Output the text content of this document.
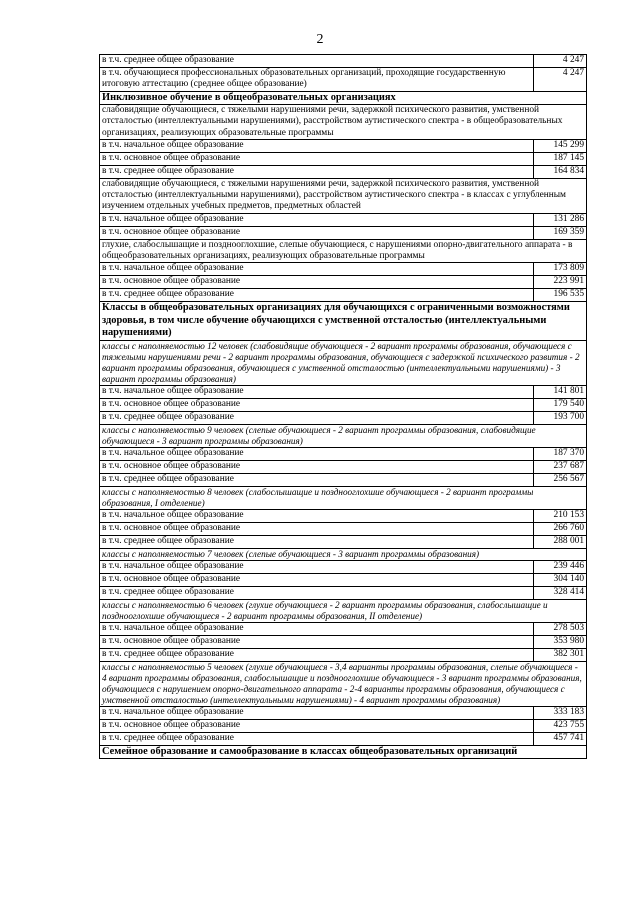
2
в т.ч. среднее общее образование	4 247
в т.ч. обучающиеся профессиональных образовательных организаций, проходящие государственную итоговую аттестацию (среднее общее образование)	4 247
Инклюзивное обучение в общеобразовательных организациях	
слабовидящие обучающиеся, с тяжелыми нарушениями речи, задержкой психического развития, умственной отсталостью (интеллектуальными нарушениями), расстройством аутистического спектра - в общеобразовательных организациях, реализующих образовательные программы	
в т.ч. начальное общее образование	145 299
в т.ч. основное общее образование	187 145
в т.ч. среднее общее образование	164 834
слабовидящие обучающиеся, с тяжелыми нарушениями речи, задержкой психического развития, умственной отсталостью (интеллектуальными нарушениями), расстройством аутистического спектра - в классах с углубленным изучением отдельных учебных предметов, предметных областей	
в т.ч. начальное общее образование	131 286
в т.ч. основное общее образование	169 359
глухие, слабослышащие и позднооглохшие, слепые обучающиеся, с нарушениями опорно-двигательного аппарата - в общеобразовательных организациях, реализующих образовательные программы	
в т.ч. начальное общее образование	173 809
в т.ч. основное общее образование	223 991
в т.ч. среднее общее образование	196 535
Классы в общеобразовательных организациях для обучающихся с ограниченными возможностями здоровья, в том числе обучение обучающихся с умственной отсталостью (интеллектуальными нарушениями)	
классы с наполняемостью 12 человек (слабовидящие обучающиеся - 2 вариант программы образования, обучающиеся с тяжелыми нарушениями речи - 2 вариант программы образования, обучающиеся с задержкой психического развития - 2 вариант программы образования, обучающиеся с умственной отсталостью (интеллектуальными нарушениями) - 3 вариант программы образования)	
в т.ч. начальное общее образование	141 801
в т.ч. основное общее образование	179 540
в т.ч. среднее общее образование	193 700
классы с наполняемостью 9 человек (слепые обучающиеся - 2 вариант программы образования, слабовидящие обучающиеся - 3 вариант программы образования)	
в т.ч. начальное общее образование	187 370
в т.ч. основное общее образование	237 687
в т.ч. среднее общее образование	256 567
классы с наполняемостью 8 человек (слабослышащие и позднооглохшие обучающиеся - 2 вариант программы образования, I отделение)	
в т.ч. начальное общее образование	210 153
в т.ч. основное общее образование	266 760
в т.ч. среднее общее образование	288 001
классы с наполняемостью 7 человек (слепые обучающиеся - 3 вариант программы образования)	
в т.ч. начальное общее образование	239 446
в т.ч. основное общее образование	304 140
в т.ч. среднее общее образование	328 414
классы с наполняемостью 6 человек (глухие обучающиеся - 2 вариант программы образования, слабослышащие и позднооглохшие обучающиеся - 2 вариант программы образования, II отделение)	
в т.ч. начальное общее образование	278 503
в т.ч. основное общее образование	353 980
в т.ч. среднее общее образование	382 301
классы с наполняемостью 5 человек (глухие обучающиеся - 3,4 варианты программы образования, слепые обучающиеся - 4 вариант программы образования, слабослышащие и позднооглохшие обучающиеся - 3 вариант программы образования, обучающиеся с нарушением опорно-двигательного аппарата - 2-4 варианты программы образования, обучающиеся с умственной отсталостью (интеллектуальными нарушениями) - 4 вариант программы образования)	
в т.ч. начальное общее образование	333 183
в т.ч. основное общее образование	423 755
в т.ч. среднее общее образование	457 741
Семейное образование и самообразование в классах общеобразовательных организаций	
